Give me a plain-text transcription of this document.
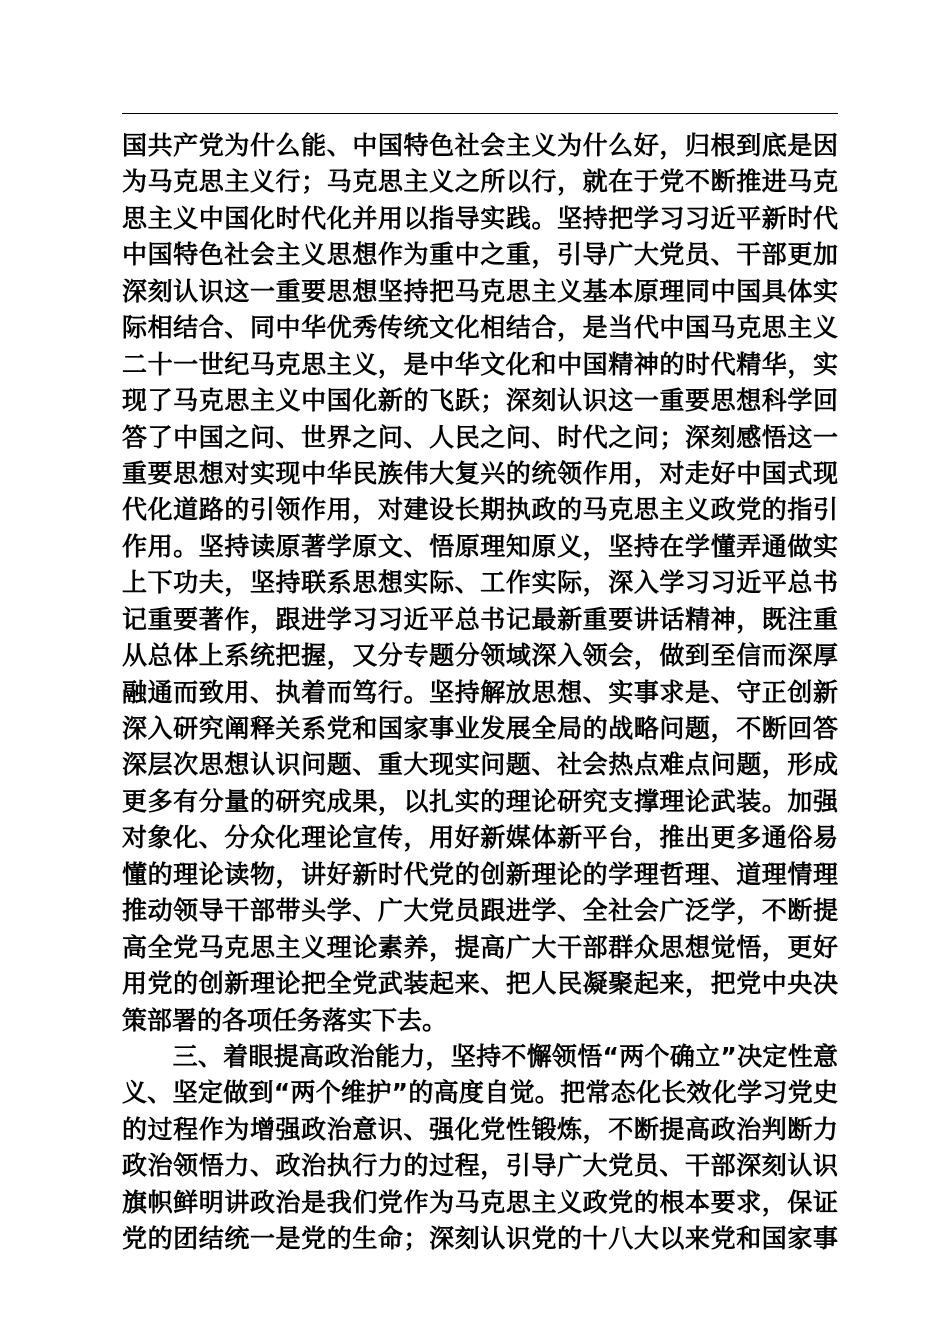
国共产党为什么能、中国特色社会主义为什么好，归根到底是因
为马克思主义行；马克思主义之所以行，就在于党不断推进马克
思主义中国化时代化并用以指导实践。坚持把学习习近平新时代
中国特色社会主义思想作为重中之重，引导广大党员、干部更加
深刻认识这一重要思想坚持把马克思主义基本原理同中国具体实
际相结合、同中华优秀传统文化相结合，是当代中国马克思主义
二十一世纪马克思主义，是中华文化和中国精神的时代精华，实
现了马克思主义中国化新的飞跃；深刻认识这一重要思想科学回
答了中国之问、世界之问、人民之问、时代之问；深刻感悟这一
重要思想对实现中华民族伟大复兴的统领作用，对走好中国式现
代化道路的引领作用，对建设长期执政的马克思主义政党的指引
作用。坚持读原著学原文、悟原理知原义，坚持在学懂弄通做实
上下功夫，坚持联系思想实际、工作实际，深入学习习近平总书
记重要著作，跟进学习习近平总书记最新重要讲话精神，既注重
从总体上系统把握，又分专题分领域深入领会，做到至信而深厚
融通而致用、执着而笃行。坚持解放思想、实事求是、守正创新
深入研究阐释关系党和国家事业发展全局的战略问题，不断回答
深层次思想认识问题、重大现实问题、社会热点难点问题，形成
更多有分量的研究成果，以扎实的理论研究支撑理论武装。加强
对象化、分众化理论宣传，用好新媒体新平台，推出更多通俗易
懂的理论读物，讲好新时代党的创新理论的学理哲理、道理情理
推动领导干部带头学、广大党员跟进学、全社会广泛学，不断提
高全党马克思主义理论素养，提高广大干部群众思想觉悟，更好
用党的创新理论把全党武装起来、把人民凝聚起来，把党中央决
策部署的各项任务落实下去。
　　三、着眼提高政治能力，坚持不懈领悟“两个确立”决定性意
义、坚定做到“两个维护”的高度自觉。把常态化长效化学习党史
的过程作为增强政治意识、强化党性锻炼，不断提高政治判断力
政治领悟力、政治执行力的过程，引导广大党员、干部深刻认识
旗帜鲜明讲政治是我们党作为马克思主义政党的根本要求，保证
党的团结统一是党的生命；深刻认识党的十八大以来党和国家事
